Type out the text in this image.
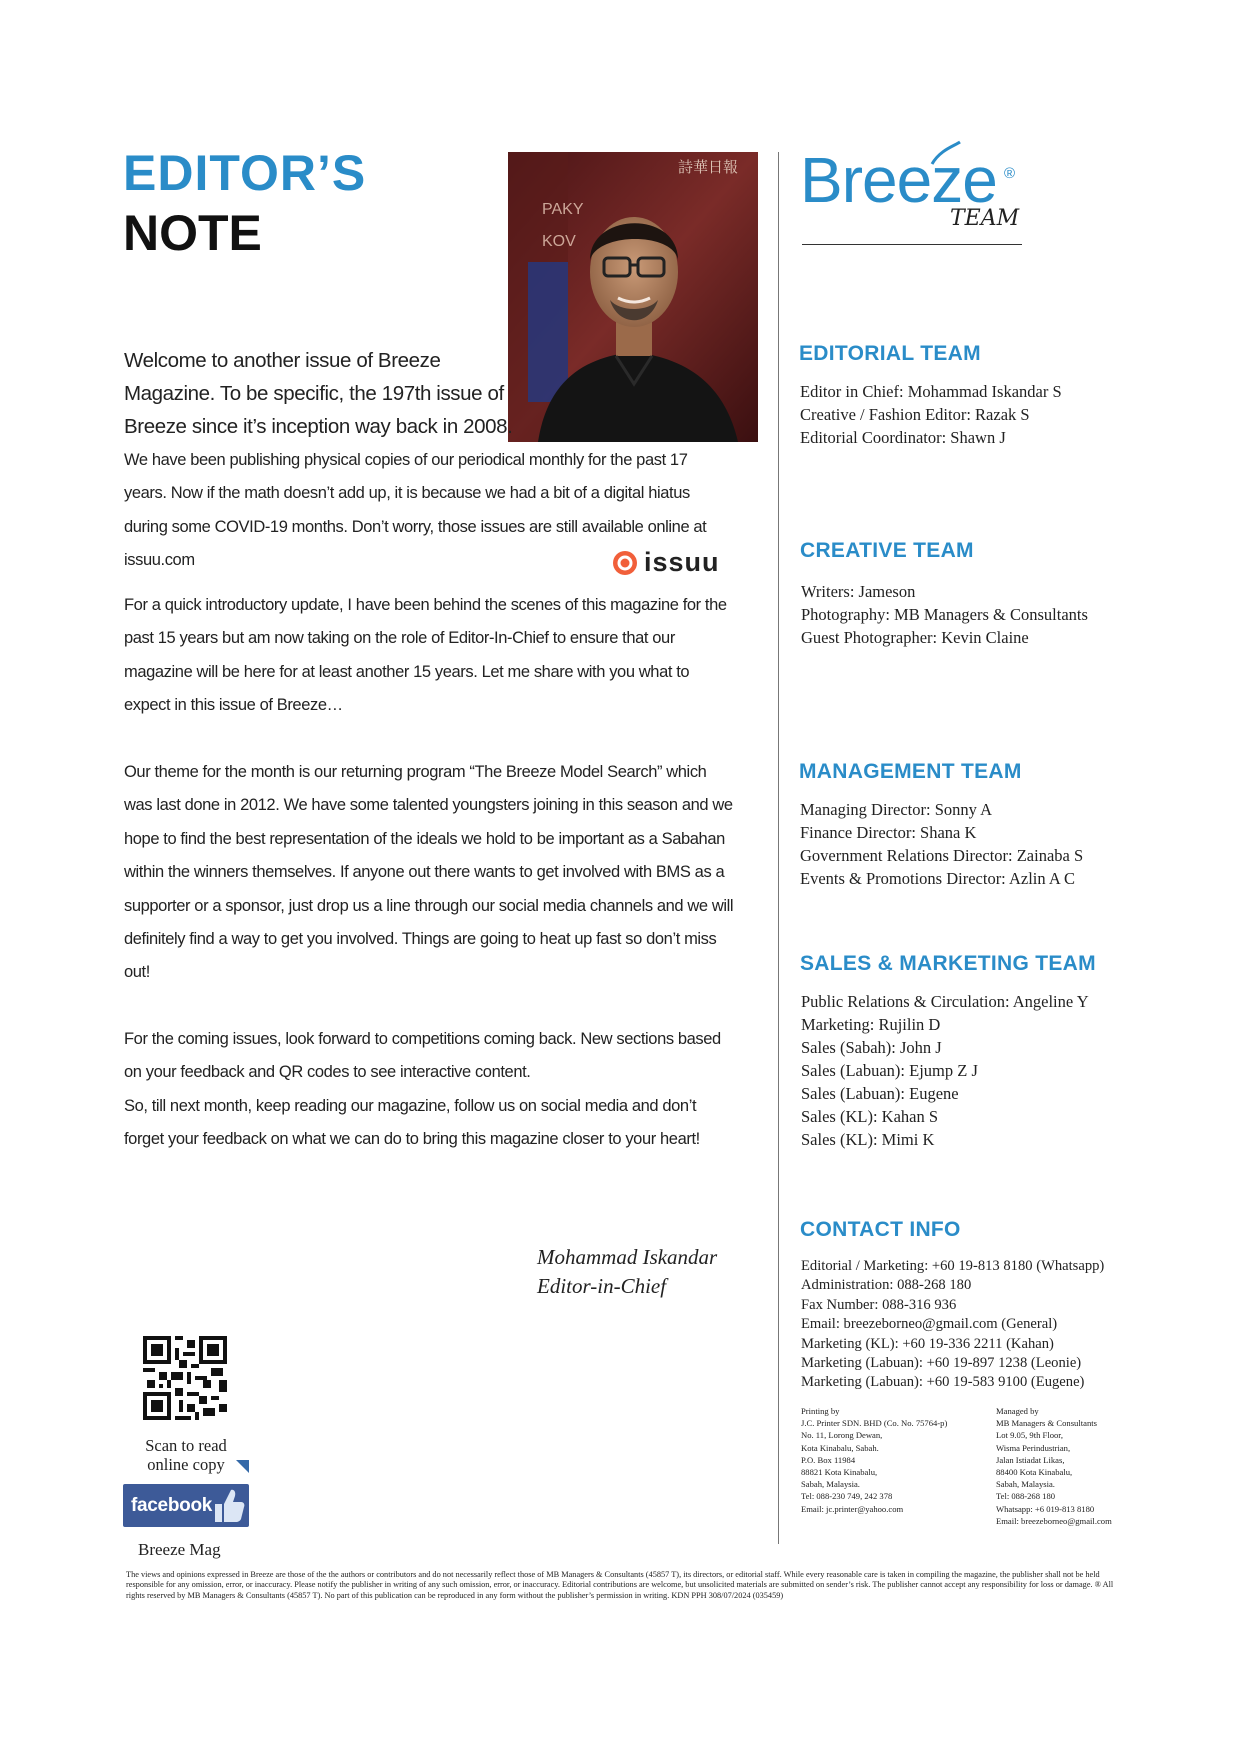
EDITOR’S
NOTE	PAKY
KOV
詩華日報
Welcome to another issue of Breeze Magazine. To be specific, the 197th issue of Breeze since it’s inception way back in 2008.
We have been publishing physical copies of our periodical monthly for the past 17 years. Now if the math doesn’t add up, it is because we had a bit of a digital hiatus during some COVID-19 months. Don’t worry, those issues are still available online at issuu.com	issuu
For a quick introductory update, I have been behind the scenes of this magazine for the past 15 years but am now taking on the role of Editor-In-Chief to ensure that our magazine will be here for at least another 15 years. Let me share with you what to expect in this issue of Breeze…
Our theme for the month is our returning program “The Breeze Model Search” which was last done in 2012. We have some talented youngsters joining in this season and we hope to find the best representation of the ideals we hold to be important as a Sabahan within the winners themselves. If anyone out there wants to get involved with BMS as a supporter or a sponsor, just drop us a line through our social media channels and we will definitely find a way to get you involved. Things are going to heat up fast so don’t miss out!
For the coming issues, look forward to competitions coming back. New sections based on your feedback and QR codes to see interactive content.
So, till next month, keep reading our magazine, follow us on social media and don’t forget your feedback on what we can do to bring this magazine closer to your heart!
Mohammad Iskandar
Editor-in-Chief
Scan to read
online copy
facebook
Breeze Mag
Breeze ®
TEAM
EDITORIAL TEAM
Editor in Chief: Mohammad Iskandar S
Creative / Fashion Editor: Razak S
Editorial Coordinator: Shawn J
CREATIVE TEAM
Writers: Jameson
Photography: MB Managers & Consultants
Guest Photographer: Kevin Claine
MANAGEMENT TEAM
Managing Director: Sonny A
Finance Director: Shana K
Government Relations Director: Zainaba S
Events & Promotions Director: Azlin A C
SALES & MARKETING TEAM
Public Relations & Circulation: Angeline Y
Marketing: Rujilin D
Sales (Sabah): John J
Sales (Labuan): Ejump Z J
Sales (Labuan): Eugene
Sales (KL): Kahan S
Sales (KL): Mimi K
CONTACT INFO
Editorial / Marketing: +60 19-813 8180 (Whatsapp)
Administration: 088-268 180
Fax Number: 088-316 936
Email: breezeborneo@gmail.com (General)
Marketing (KL): +60 19-336 2211 (Kahan)
Marketing (Labuan): +60 19-897 1238 (Leonie)
Marketing (Labuan): +60 19-583 9100 (Eugene)
Printing by
J.C. Printer SDN. BHD (Co. No. 75764-p)
No. 11, Lorong Dewan,
Kota Kinabalu, Sabah.
P.O. Box 11984
88821 Kota Kinabalu,
Sabah, Malaysia.
Tel: 088-230 749, 242 378
Email: jc.printer@yahoo.com
Managed by
MB Managers & Consultants
Lot 9.05, 9th Floor,
Wisma Perindustrian,
Jalan Istiadat Likas,
88400 Kota Kinabalu,
Sabah, Malaysia.
Tel: 088-268 180
Whatsapp: +6 019-813 8180
Email: breezeborneo@gmail.com
The views and opinions expressed in Breeze are those of the the authors or contributors and do not necessarily reflect those of MB Managers & Consultants (45857 T), its directors, or editorial staff. While every reasonable care is taken in compiling the magazine, the publisher shall not be held responsible for any omission, error, or inaccuracy. Please notify the publisher in writing of any such omission, error, or inaccuracy. Editorial contributions are welcome, but unsolicited materials are submitted on sender’s risk. The publisher cannot accept any responsibility for loss or damage. ® All rights reserved by MB Managers & Consultants (45857 T). No part of this publication can be reproduced in any form without the publisher’s permission in writing. KDN PPH 308/07/2024 (035459)
